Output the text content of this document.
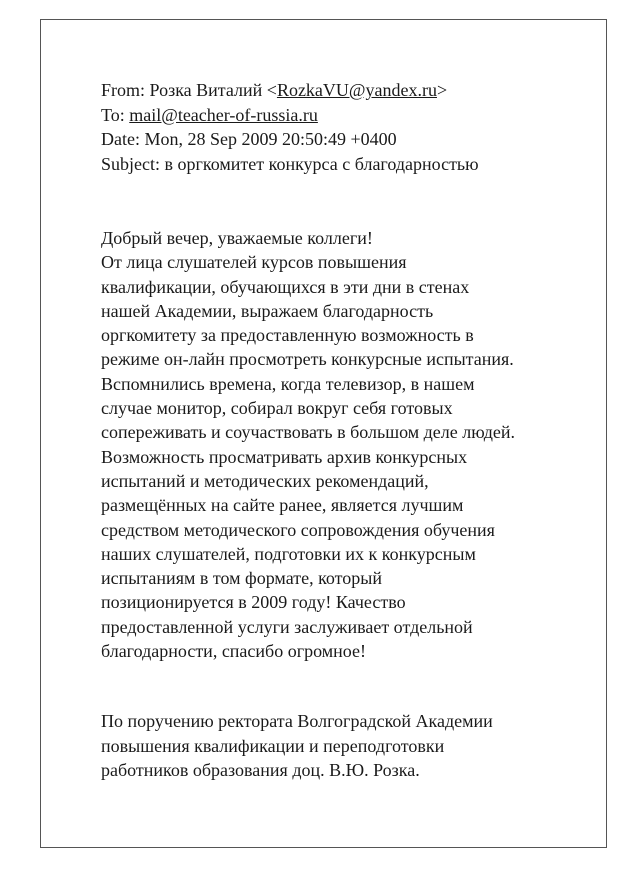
From: Розка Виталий <RozkaVU@yandex.ru>
To: mail@teacher-of-russia.ru
Date: Mon, 28 Sep 2009 20:50:49 +0400
Subject: в оргкомитет конкурса с благодарностью
Добрый вечер, уважаемые коллеги!
От лица слушателей курсов повышения
квалификации, обучающихся в эти дни в стенах
нашей Академии, выражаем благодарность
оргкомитету за предоставленную возможность в
режиме он-лайн просмотреть конкурсные испытания.
Вспомнились времена, когда телевизор, в нашем
случае монитор, собирал вокруг себя готовых
сопереживать и соучаствовать в большом деле людей.
Возможность просматривать архив конкурсных
испытаний и методических рекомендаций,
размещённых на сайте ранее, является лучшим
средством методического сопровождения обучения
наших слушателей, подготовки их к конкурсным
испытаниям в том формате, который
позиционируется в 2009 году! Качество
предоставленной услуги заслуживает отдельной
благодарности, спасибо огромное!
По поручению ректората Волгоградской Академии
повышения квалификации и переподготовки
работников образования доц. В.Ю. Розка.
